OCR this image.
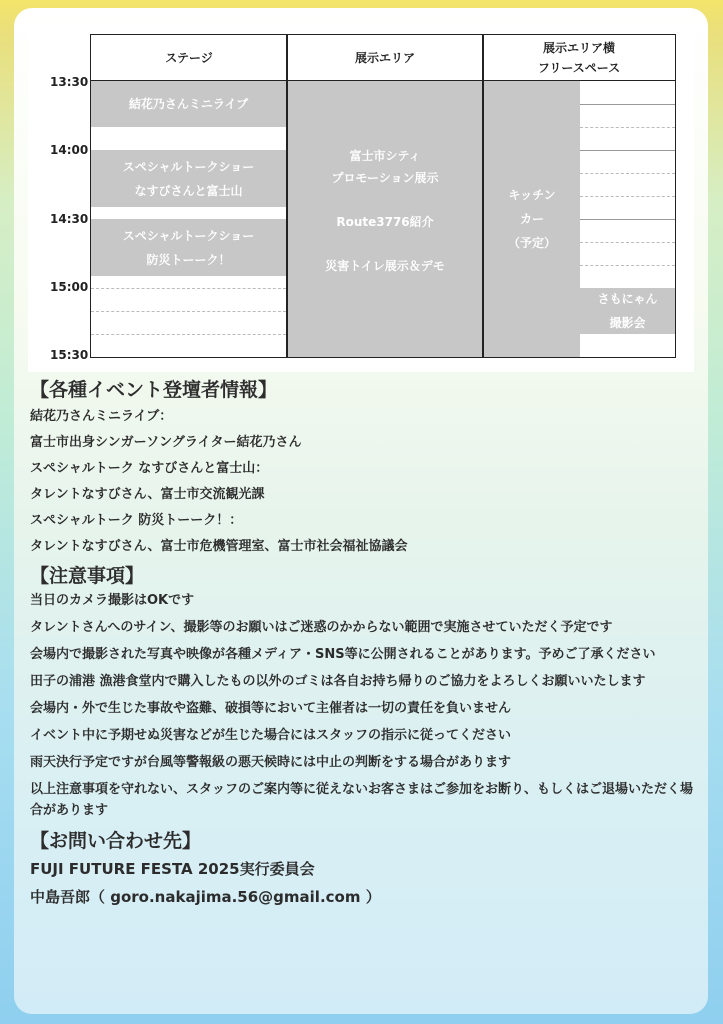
13:30
14:00
14:30
15:00
15:30
ステージ	展示エリア
展示エリア横
フリースペース
結花乃さんミニライブ
スペシャルトークショー
なすびさんと富士山
スペシャルトークショー
防災トーーク！
富士市シティ
プロモーション展示

Route3776紹介

災害トイレ展示＆デモ
キッチン
カー
（予定）
さもにゃん
撮影会
【各種イベント登壇者情報】
結花乃さんミニライブ：
富士市出身シンガーソングライター結花乃さん
スペシャルトーク なすびさんと富士山：
タレントなすびさん、富士市交流観光課
スペシャルトーク 防災トーーク！：
タレントなすびさん、富士市危機管理室、富士市社会福祉協議会
【注意事項】
当日のカメラ撮影はOKです
タレントさんへのサイン、撮影等のお願いはご迷惑のかからない範囲で実施させていただく予定です
会場内で撮影された写真や映像が各種メディア・SNS等に公開されることがあります。予めご了承ください
田子の浦港 漁港食堂内で購入したもの以外のゴミは各自お持ち帰りのご協力をよろしくお願いいたします
会場内・外で生じた事故や盗難、破損等において主催者は一切の責任を負いません
イベント中に予期せぬ災害などが生じた場合にはスタッフの指示に従ってください
雨天決行予定ですが台風等警報級の悪天候時には中止の判断をする場合があります
以上注意事項を守れない、スタッフのご案内等に従えないお客さまはご参加をお断り、もしくはご退場いただく場合があります
【お問い合わせ先】
FUJI FUTURE FESTA 2025実行委員会
中島吾郎（ goro.nakajima.56@gmail.com ）
